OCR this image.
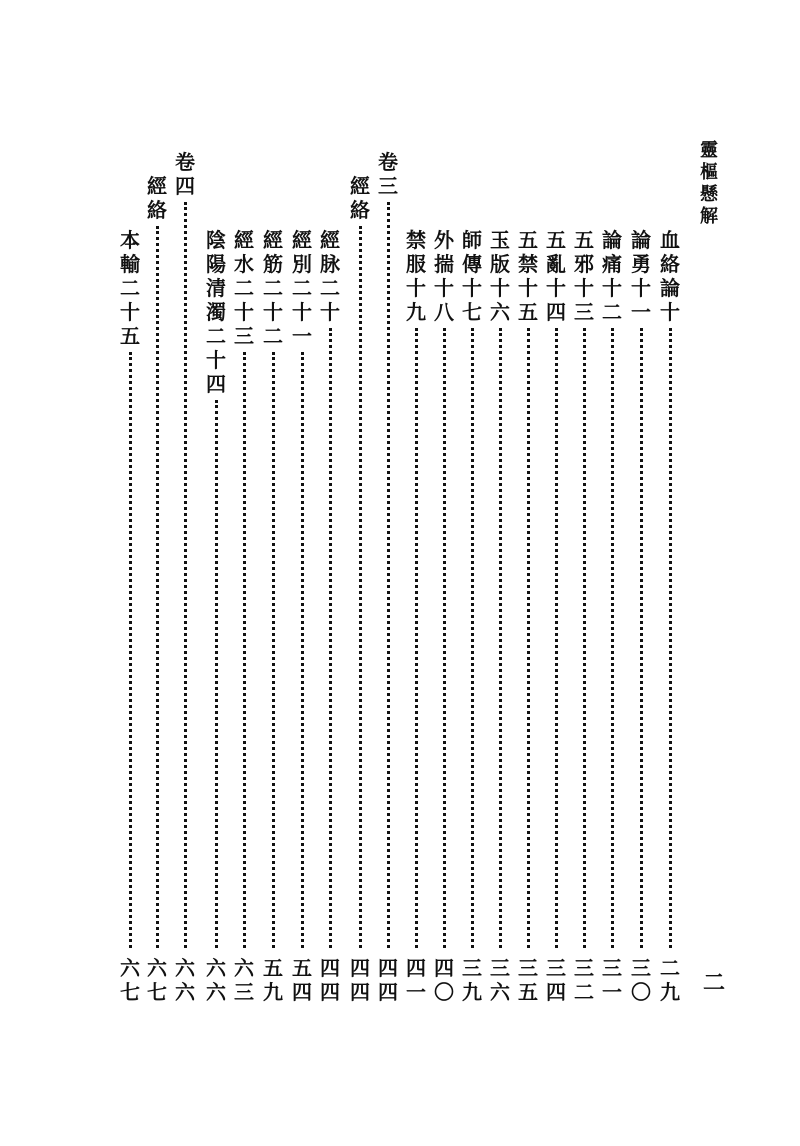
靈
樞
懸
解
血
絡
論
十
二
九
論
勇
十
一
三
〇
論
痛
十
二
三
一
五
邪
十
三
三
二
五
亂
十
四
三
四
五
禁
十
五
三
五
玉
版
十
六
三
六
師
傳
十
七
三
九
外
揣
十
八
四
〇
禁
服
十
九
四
一
卷
三
四
四
經
絡
四
四
經
脉
二
十
四
四
經
別
二
十
一
五
四
經
筋
二
十
二
五
九
經
水
二
十
三
六
三
陰
陽
清
濁
二
十
四
六
六
卷
四
六
六
經
絡
六
七
本
輸
二
十
五
六
七	二
